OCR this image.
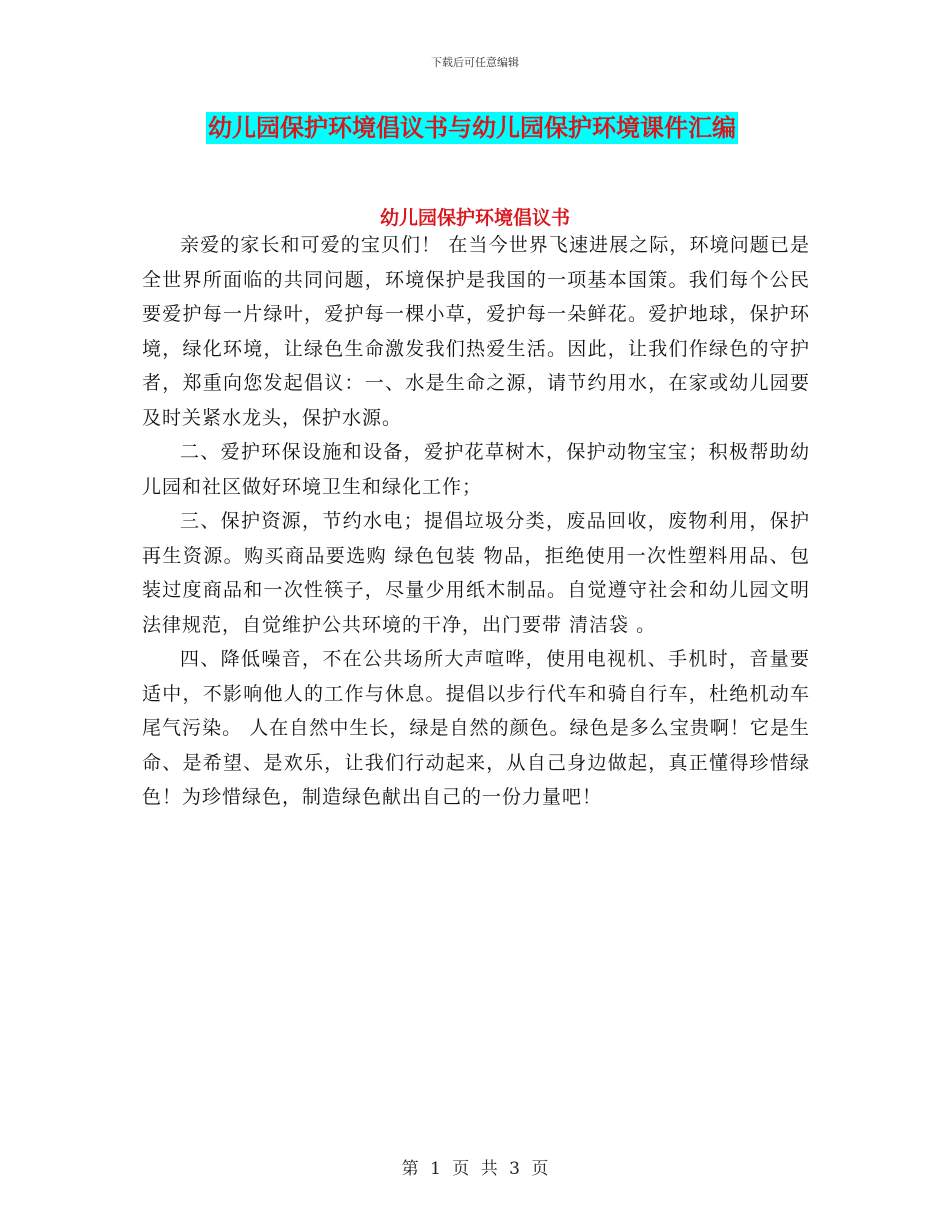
下载后可任意编辑
幼儿园保护环境倡议书与幼儿园保护环境课件汇编
幼儿园保护环境倡议书

亲爱的家长和可爱的宝贝们！ 在当今世界飞速进展之际，环境问题已是全世界所面临的共同问题，环境保护是我国的一项基本国策。我们每个公民要爱护每一片绿叶，爱护每一棵小草，爱护每一朵鲜花。爱护地球，保护环境，绿化环境，让绿色生命激发我们热爱生活。因此，让我们作绿色的守护者，郑重向您发起倡议：一、水是生命之源，请节约用水，在家或幼儿园要及时关紧水龙头，保护水源。

二、爱护环保设施和设备，爱护花草树木，保护动物宝宝；积极帮助幼儿园和社区做好环境卫生和绿化工作；

三、保护资源，节约水电；提倡垃圾分类，废品回收，废物利用，保护再生资源。购买商品要选购 绿色包装 物品，拒绝使用一次性塑料用品、包装过度商品和一次性筷子，尽量少用纸木制品。自觉遵守社会和幼儿园文明法律规范，自觉维护公共环境的干净，出门要带 清洁袋 。

四、降低噪音，不在公共场所大声喧哗，使用电视机、手机时，音量要适中，不影响他人的工作与休息。提倡以步行代车和骑自行车，杜绝机动车尾气污染。 人在自然中生长，绿是自然的颜色。绿色是多么宝贵啊！它是生命、是希望、是欢乐，让我们行动起来，从自己身边做起，真正懂得珍惜绿色！为珍惜绿色，制造绿色献出自己的一份力量吧！

第 1 页 共 3 页
